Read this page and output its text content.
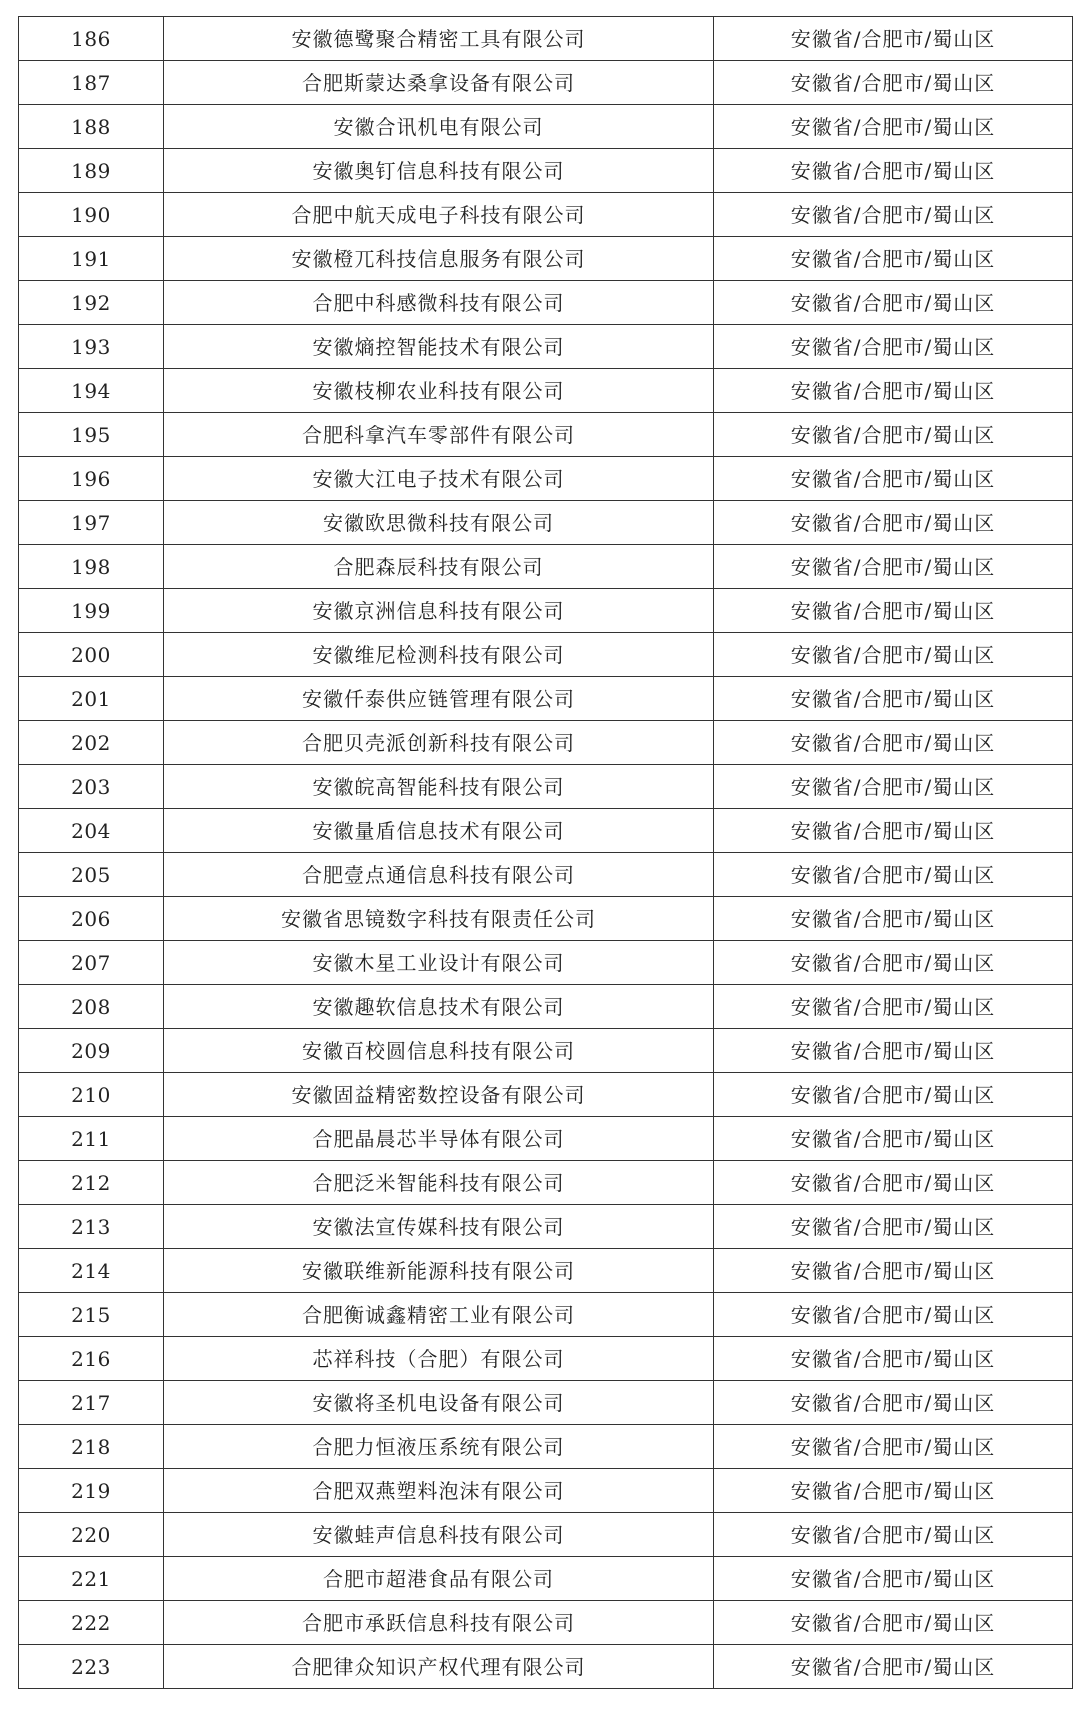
186	安徽德鹭聚合精密工具有限公司	安徽省/合肥市/蜀山区
187	合肥斯蒙达桑拿设备有限公司	安徽省/合肥市/蜀山区
188	安徽合讯机电有限公司	安徽省/合肥市/蜀山区
189	安徽奥钉信息科技有限公司	安徽省/合肥市/蜀山区
190	合肥中航天成电子科技有限公司	安徽省/合肥市/蜀山区
191	安徽橙兀科技信息服务有限公司	安徽省/合肥市/蜀山区
192	合肥中科感微科技有限公司	安徽省/合肥市/蜀山区
193	安徽熵控智能技术有限公司	安徽省/合肥市/蜀山区
194	安徽枝柳农业科技有限公司	安徽省/合肥市/蜀山区
195	合肥科拿汽车零部件有限公司	安徽省/合肥市/蜀山区
196	安徽大江电子技术有限公司	安徽省/合肥市/蜀山区
197	安徽欧思微科技有限公司	安徽省/合肥市/蜀山区
198	合肥森辰科技有限公司	安徽省/合肥市/蜀山区
199	安徽京洲信息科技有限公司	安徽省/合肥市/蜀山区
200	安徽维尼检测科技有限公司	安徽省/合肥市/蜀山区
201	安徽仟泰供应链管理有限公司	安徽省/合肥市/蜀山区
202	合肥贝壳派创新科技有限公司	安徽省/合肥市/蜀山区
203	安徽皖高智能科技有限公司	安徽省/合肥市/蜀山区
204	安徽量盾信息技术有限公司	安徽省/合肥市/蜀山区
205	合肥壹点通信息科技有限公司	安徽省/合肥市/蜀山区
206	安徽省思镜数字科技有限责任公司	安徽省/合肥市/蜀山区
207	安徽木星工业设计有限公司	安徽省/合肥市/蜀山区
208	安徽趣软信息技术有限公司	安徽省/合肥市/蜀山区
209	安徽百校圆信息科技有限公司	安徽省/合肥市/蜀山区
210	安徽固益精密数控设备有限公司	安徽省/合肥市/蜀山区
211	合肥晶晨芯半导体有限公司	安徽省/合肥市/蜀山区
212	合肥泛米智能科技有限公司	安徽省/合肥市/蜀山区
213	安徽法宣传媒科技有限公司	安徽省/合肥市/蜀山区
214	安徽联维新能源科技有限公司	安徽省/合肥市/蜀山区
215	合肥衡诚鑫精密工业有限公司	安徽省/合肥市/蜀山区
216	芯祥科技（合肥）有限公司	安徽省/合肥市/蜀山区
217	安徽将圣机电设备有限公司	安徽省/合肥市/蜀山区
218	合肥力恒液压系统有限公司	安徽省/合肥市/蜀山区
219	合肥双燕塑料泡沫有限公司	安徽省/合肥市/蜀山区
220	安徽蛙声信息科技有限公司	安徽省/合肥市/蜀山区
221	合肥市超港食品有限公司	安徽省/合肥市/蜀山区
222	合肥市承跃信息科技有限公司	安徽省/合肥市/蜀山区
223	合肥律众知识产权代理有限公司	安徽省/合肥市/蜀山区
